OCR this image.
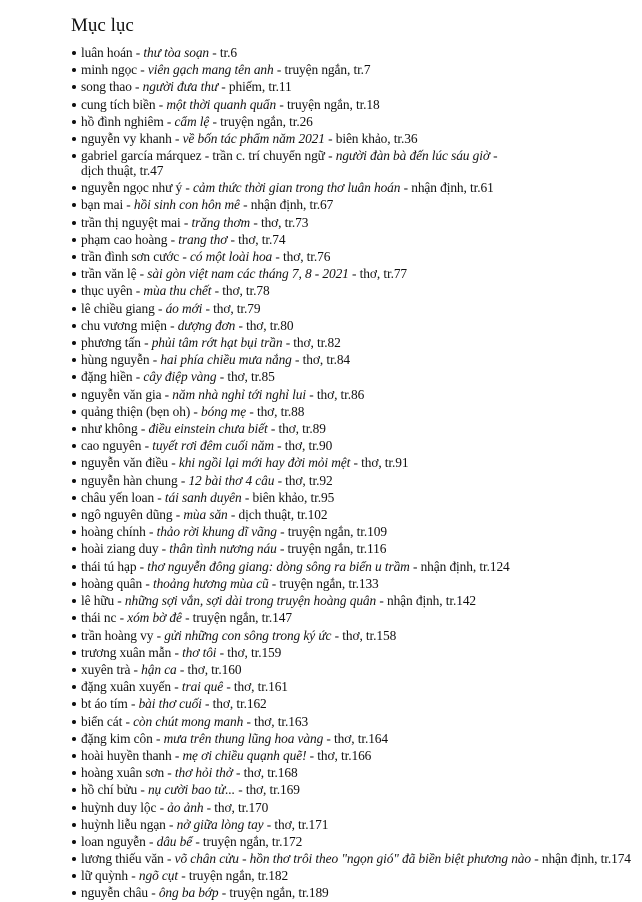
Mục lục
luân hoán - thư tòa soạn - tr.6
minh ngọc - viên gạch mang tên anh - truyện ngắn, tr.7
song thao - người đưa thư - phiếm, tr.11
cung tích biền - một thời quanh quẩn - truyện ngắn, tr.18
hồ đình nghiêm - cẩm lệ - truyện ngắn, tr.26
nguyễn vy khanh - về bốn tác phẩm năm 2021 - biên khảo, tr.36
gabriel garcía márquez - trần c. trí chuyển ngữ - người đàn bà đến lúc sáu giờ -
dịch thuật, tr.47
nguyễn ngọc như ý - cảm thức thời gian trong thơ luân hoán - nhận định, tr.61
bạn mai - hồi sinh con hôn mê - nhận định, tr.67
trần thị nguyệt mai - trăng thơm - thơ, tr.73
phạm cao hoàng - trang thơ - thơ, tr.74
trần đình sơn cước - có một loài hoa - thơ, tr.76
trần văn lệ - sài gòn việt nam các tháng 7, 8 - 2021 - thơ, tr.77
thục uyên - mùa thu chết - thơ, tr.78
lê chiều giang - áo mới - thơ, tr.79
chu vương miện - dượng đơn - thơ, tr.80
phương tấn - phủi tâm rớt hạt bụi trần - thơ, tr.82
hùng nguyễn - hai phía chiều mưa nắng - thơ, tr.84
đặng hiền - cây điệp vàng - thơ, tr.85
nguyễn văn gia - năm nhà nghỉ tới nghỉ lui - thơ, tr.86
quảng thiện (bẹn oh) - bóng mẹ - thơ, tr.88
như không - điều einstein chưa biết - thơ, tr.89
cao nguyên - tuyết rơi đêm cuối năm - thơ, tr.90
nguyễn văn điều - khi ngồi lại mới hay đời mỏi mệt - thơ, tr.91
nguyễn hàn chung - 12 bài thơ 4 câu - thơ, tr.92
châu yến loan - tái sanh duyên - biên khảo, tr.95
ngô nguyên dũng - mùa săn - dịch thuật, tr.102
hoàng chính - thảo rời khung dĩ vãng - truyện ngắn, tr.109
hoài ziang duy - thân tình nương náu - truyện ngắn, tr.116
thái tú hạp - thơ nguyễn đông giang: dòng sông ra biển u trầm - nhận định, tr.124
hoàng quân - thoảng hương mùa cũ - truyện ngắn, tr.133
lê hữu - những sợi vắn, sợi dài trong truyện hoàng quân - nhận định, tr.142
thái nc - xóm bờ đê - truyện ngắn, tr.147
trần hoàng vy - gửi những con sông trong ký ức - thơ, tr.158
trương xuân mẫn - thơ tôi - thơ, tr.159
xuyên trà - hận ca - thơ, tr.160
đặng xuân xuyến - trai quê - thơ, tr.161
bt áo tím - bài thơ cuối - thơ, tr.162
biển cát - còn chút mong manh - thơ, tr.163
đặng kim côn - mưa trên thung lũng hoa vàng - thơ, tr.164
hoài huyền thanh - mẹ ơi chiều quạnh quẽ! - thơ, tr.166
hoàng xuân sơn - thơ hỏi thở - thơ, tr.168
hồ chí bửu - nụ cười bao tử... - thơ, tr.169
huỳnh duy lộc - ảo ảnh - thơ, tr.170
huỳnh liễu ngạn - nở giữa lòng tay - thơ, tr.171
loan nguyễn - dâu bể - truyện ngắn, tr.172
lương thiếu văn - võ chân cửu - hồn thơ trôi theo "ngọn gió" đã biền biệt phương nào - nhận định, tr.174
lữ quỳnh - ngõ cụt - truyện ngắn, tr.182
nguyễn châu - ông ba bớp - truyện ngắn, tr.189
